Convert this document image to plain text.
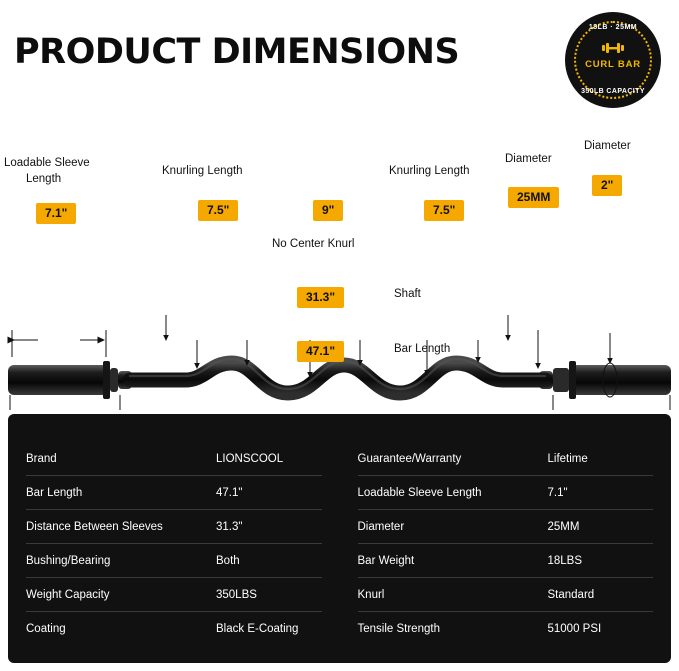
PRODUCT DIMENSIONS
18LB · 25MM
CURL BAR
350LB CAPACITY
Loadable Sleeve
Length
Knurling Length	Knurling Length
No Center Knurl
Diameter
Diameter
Shaft
Bar Length
7.1"	7.5"	9"	7.5"
25MM
2"
31.3"
47.1"
Brand	LIONSCOOL
Bar Length	47.1"
Distance Between Sleeves	31.3"
Bushing/Bearing	Both
Weight Capacity	350LBS
Coating	Black E-Coating
Guarantee/Warranty	Lifetime
Loadable Sleeve Length	7.1"
Diameter	25MM
Bar Weight	18LBS
Knurl	Standard
Tensile Strength	51000 PSI
